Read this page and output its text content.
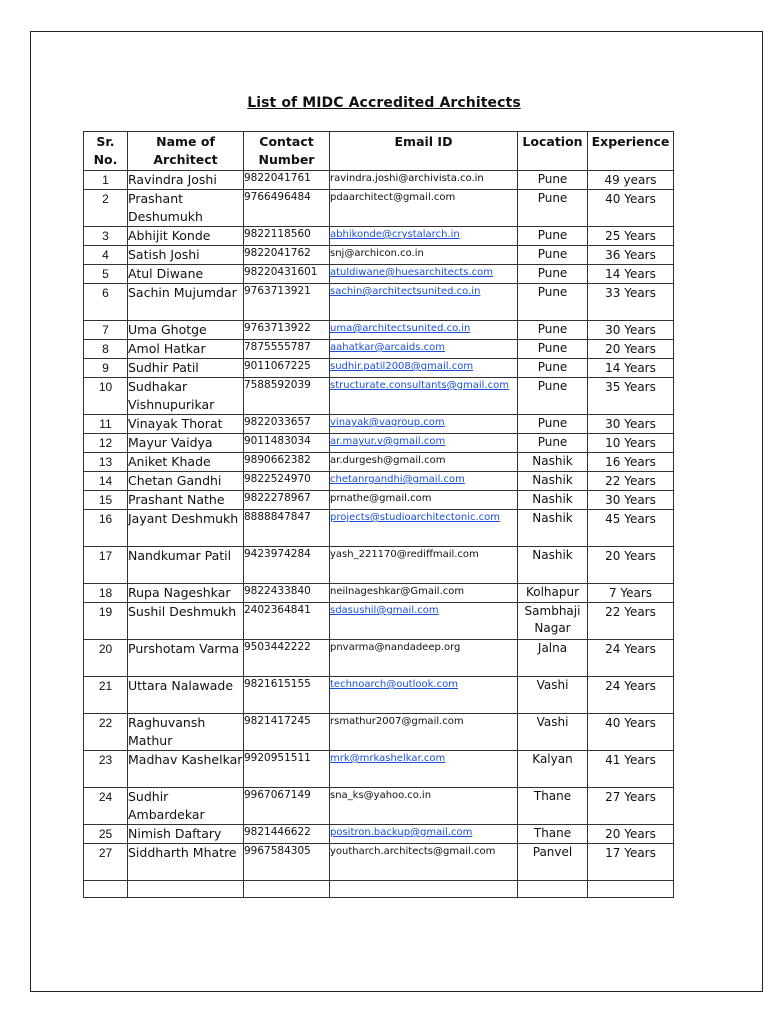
List of MIDC Accredited Architects
Sr. No.	Name of Architect	Contact Number	Email ID	Location	Experience
1	Ravindra Joshi	9822041761	ravindra.joshi@archivista.co.in	Pune	49 years
2	Prashant Deshumukh	9766496484	pdaarchitect@gmail.com	Pune	40 Years
3	Abhijit Konde	9822118560	abhikonde@crystalarch.in	Pune	25 Years
4	Satish Joshi	9822041762	snj@archicon.co.in	Pune	36 Years
5	Atul Diwane	98220431601	atuldiwane@huesarchitects.com	Pune	14 Years
6	Sachin Mujumdar	9763713921	sachin@architectsunited.co.in	Pune	33 Years
7	Uma Ghotge	9763713922	uma@architectsunited.co.in	Pune	30 Years
8	Amol Hatkar	7875555787	aahatkar@arcaids.com	Pune	20 Years
9	Sudhir Patil	9011067225	sudhir.patil2008@gmail.com	Pune	14 Years
10	Sudhakar Vishnupurikar	7588592039	structurate.consultants@gmail.com	Pune	35 Years
11	Vinayak Thorat	9822033657	vinayak@vagroup.com	Pune	30 Years
12	Mayur Vaidya	9011483034	ar.mayur.v@gmail.com	Pune	10 Years
13	Aniket Khade	9890662382	ar.durgesh@gmail.com	Nashik	16 Years
14	Chetan Gandhi	9822524970	chetanrgandhi@gmail.com	Nashik	22 Years
15	Prashant Nathe	9822278967	prnathe@gmail.com	Nashik	30 Years
16	Jayant Deshmukh	8888847847	projects@studioarchitectonic.com	Nashik	45 Years
17	Nandkumar Patil	9423974284	yash_221170@rediffmail.com	Nashik	20 Years
18	Rupa Nageshkar	9822433840	neilnageshkar@Gmail.com	Kolhapur	7 Years
19	Sushil Deshmukh	2402364841	sdasushil@gmail.com	Sambhaji Nagar	22 Years
20	Purshotam Varma	9503442222	pnvarma@nandadeep.org	Jalna	24 Years
21	Uttara Nalawade	9821615155	technoarch@outlook.com	Vashi	24 Years
22	Raghuvansh Mathur	9821417245	rsmathur2007@gmail.com	Vashi	40 Years
23	Madhav Kashelkar	9920951511	mrk@mrkashelkar.com	Kalyan	41 Years
24	Sudhir Ambardekar	9967067149	sna_ks@yahoo.co.in	Thane	27 Years
25	Nimish Daftary	9821446622	positron.backup@gmail.com	Thane	20 Years
27	Siddharth Mhatre	9967584305	youtharch.architects@gmail.com	Panvel	17 Years
